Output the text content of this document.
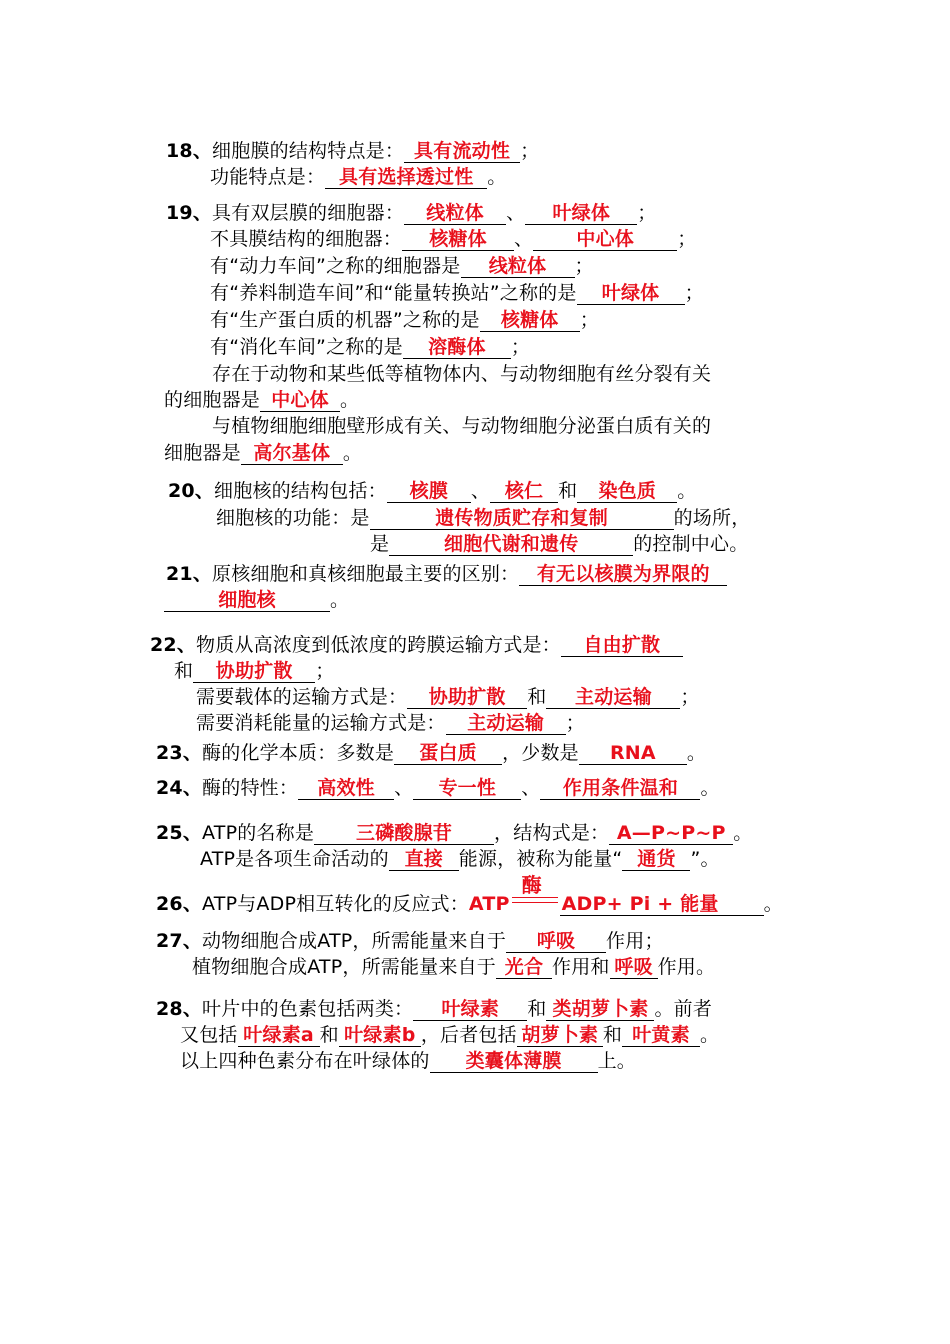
18、细胞膜的结构特点是： 具有流动性 ；
功能特点是： 具有选择透过性 。
19、具有双层膜的细胞器： 线粒体 、 叶绿体 ；
不具膜结构的细胞器： 核糖体 、 中心体 ；
有“动力车间”之称的细胞器是 线粒体 ；
有“养料制造车间”和“能量转换站”之称的是 叶绿体 ；
有“生产蛋白质的机器”之称的是 核糖体 ；
有“消化车间”之称的是 溶酶体 ；
存在于动物和某些低等植物体内、与动物细胞有丝分裂有关
的细胞器是 中心体 。
与植物细胞细胞壁形成有关、与动物细胞分泌蛋白质有关的
细胞器是 高尔基体 。
20、细胞核的结构包括： 核膜 、 核仁 和 染色质 。
细胞核的功能：是	遗传物质贮存和复制	的场所，
是	细胞代谢和遗传	的控制中心。
21、原核细胞和真核细胞最主要的区别： 有无以核膜为界限的
细胞核	。
22、物质从高浓度到低浓度的跨膜运输方式是： 自由扩散
和 协助扩散 ；
需要载体的运输方式是： 协助扩散 和 主动运输 ；
需要消耗能量的运输方式是： 主动运输 ；
23、酶的化学本质：多数是 蛋白质 ，少数是 RNA 。
24、酶的特性： 高效性 、 专一性 、 作用条件温和 。
25、ATP的名称是 三磷酸腺苷 ，结构式是： A—P~P~P 。
ATP是各项生命活动的 直接 能源，被称为能量“ 通货 ”。
26、ATP与ADP相互转化的反应式：ATP
酶
ADP+ Pi + 能量 。
27、动物细胞合成ATP，所需能量来自于 呼吸 作用；
植物细胞合成ATP，所需能量来自于 光合 作用和 呼吸 作用。
28、叶片中的色素包括两类： 叶绿素 和 类胡萝卜素 。前者
又包括 叶绿素a 和 叶绿素b ，后者包括 胡萝卜素 和 叶黄素 。
以上四种色素分布在叶绿体的 类囊体薄膜 上。
